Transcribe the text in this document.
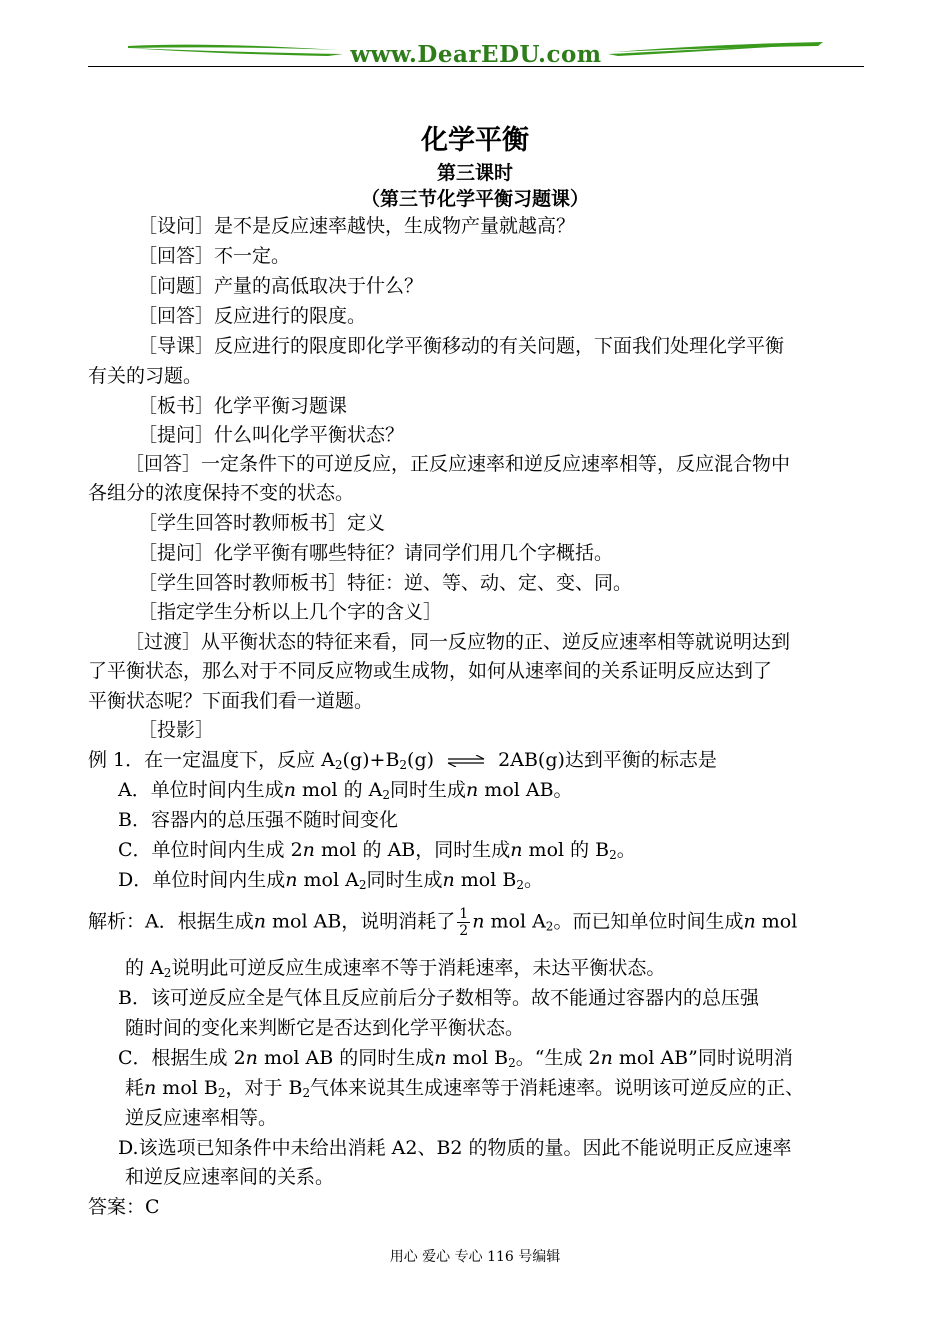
www.DearEDU.com
化学平衡
第三课时
（第三节化学平衡习题课）
［设问］是不是反应速率越快，生成物产量就越高？
［回答］不一定。
［问题］产量的高低取决于什么？
［回答］反应进行的限度。
［导课］反应进行的限度即化学平衡移动的有关问题，下面我们处理化学平衡
有关的习题。
［板书］化学平衡习题课
［提问］什么叫化学平衡状态？
［回答］一定条件下的可逆反应，正反应速率和逆反应速率相等，反应混合物中
各组分的浓度保持不变的状态。
［学生回答时教师板书］定义
［提问］化学平衡有哪些特征？请同学们用几个字概括。
［学生回答时教师板书］特征：逆、等、动、定、变、同。
［指定学生分析以上几个字的含义］
［过渡］从平衡状态的特征来看，同一反应物的正、逆反应速率相等就说明达到
了平衡状态，那么对于不同反应物或生成物，如何从速率间的关系证明反应达到了
平衡状态呢？下面我们看一道题。
［投影］
例 1．在一定温度下，反应 $A_2(g)+B_2(g)$ ⇌ 2AB(g)达到平衡的标志是
A．单位时间内生成n mol 的 $A_2$同时生成n mol AB。
B．容器内的总压强不随时间变化
C．单位时间内生成 2n mol 的 AB，同时生成n mol 的 $B_2$。
D．单位时间内生成n mol $A_2$同时生成n mol $B_2$。
解析：A．根据生成n mol AB，说明消耗了 $\frac{1}{2}$ n mol $A_2$。而已知单位时间生成n mol
的 $A_2$说明此可逆反应生成速率不等于消耗速率，未达平衡状态。
B．该可逆反应全是气体且反应前后分子数相等。故不能通过容器内的总压强
随时间的变化来判断它是否达到化学平衡状态。
C．根据生成 2n mol AB 的同时生成n mol $B_2$。“生成 2n mol AB”同时说明消
耗n mol $B_2$，对于 $B_2$气体来说其生成速率等于消耗速率。说明该可逆反应的正、
逆反应速率相等。
D.该选项已知条件中未给出消耗 A2、B2 的物质的量。因此不能说明正反应速率
和逆反应速率间的关系。
答案：C
用心 爱心 专心 116 号编辑
